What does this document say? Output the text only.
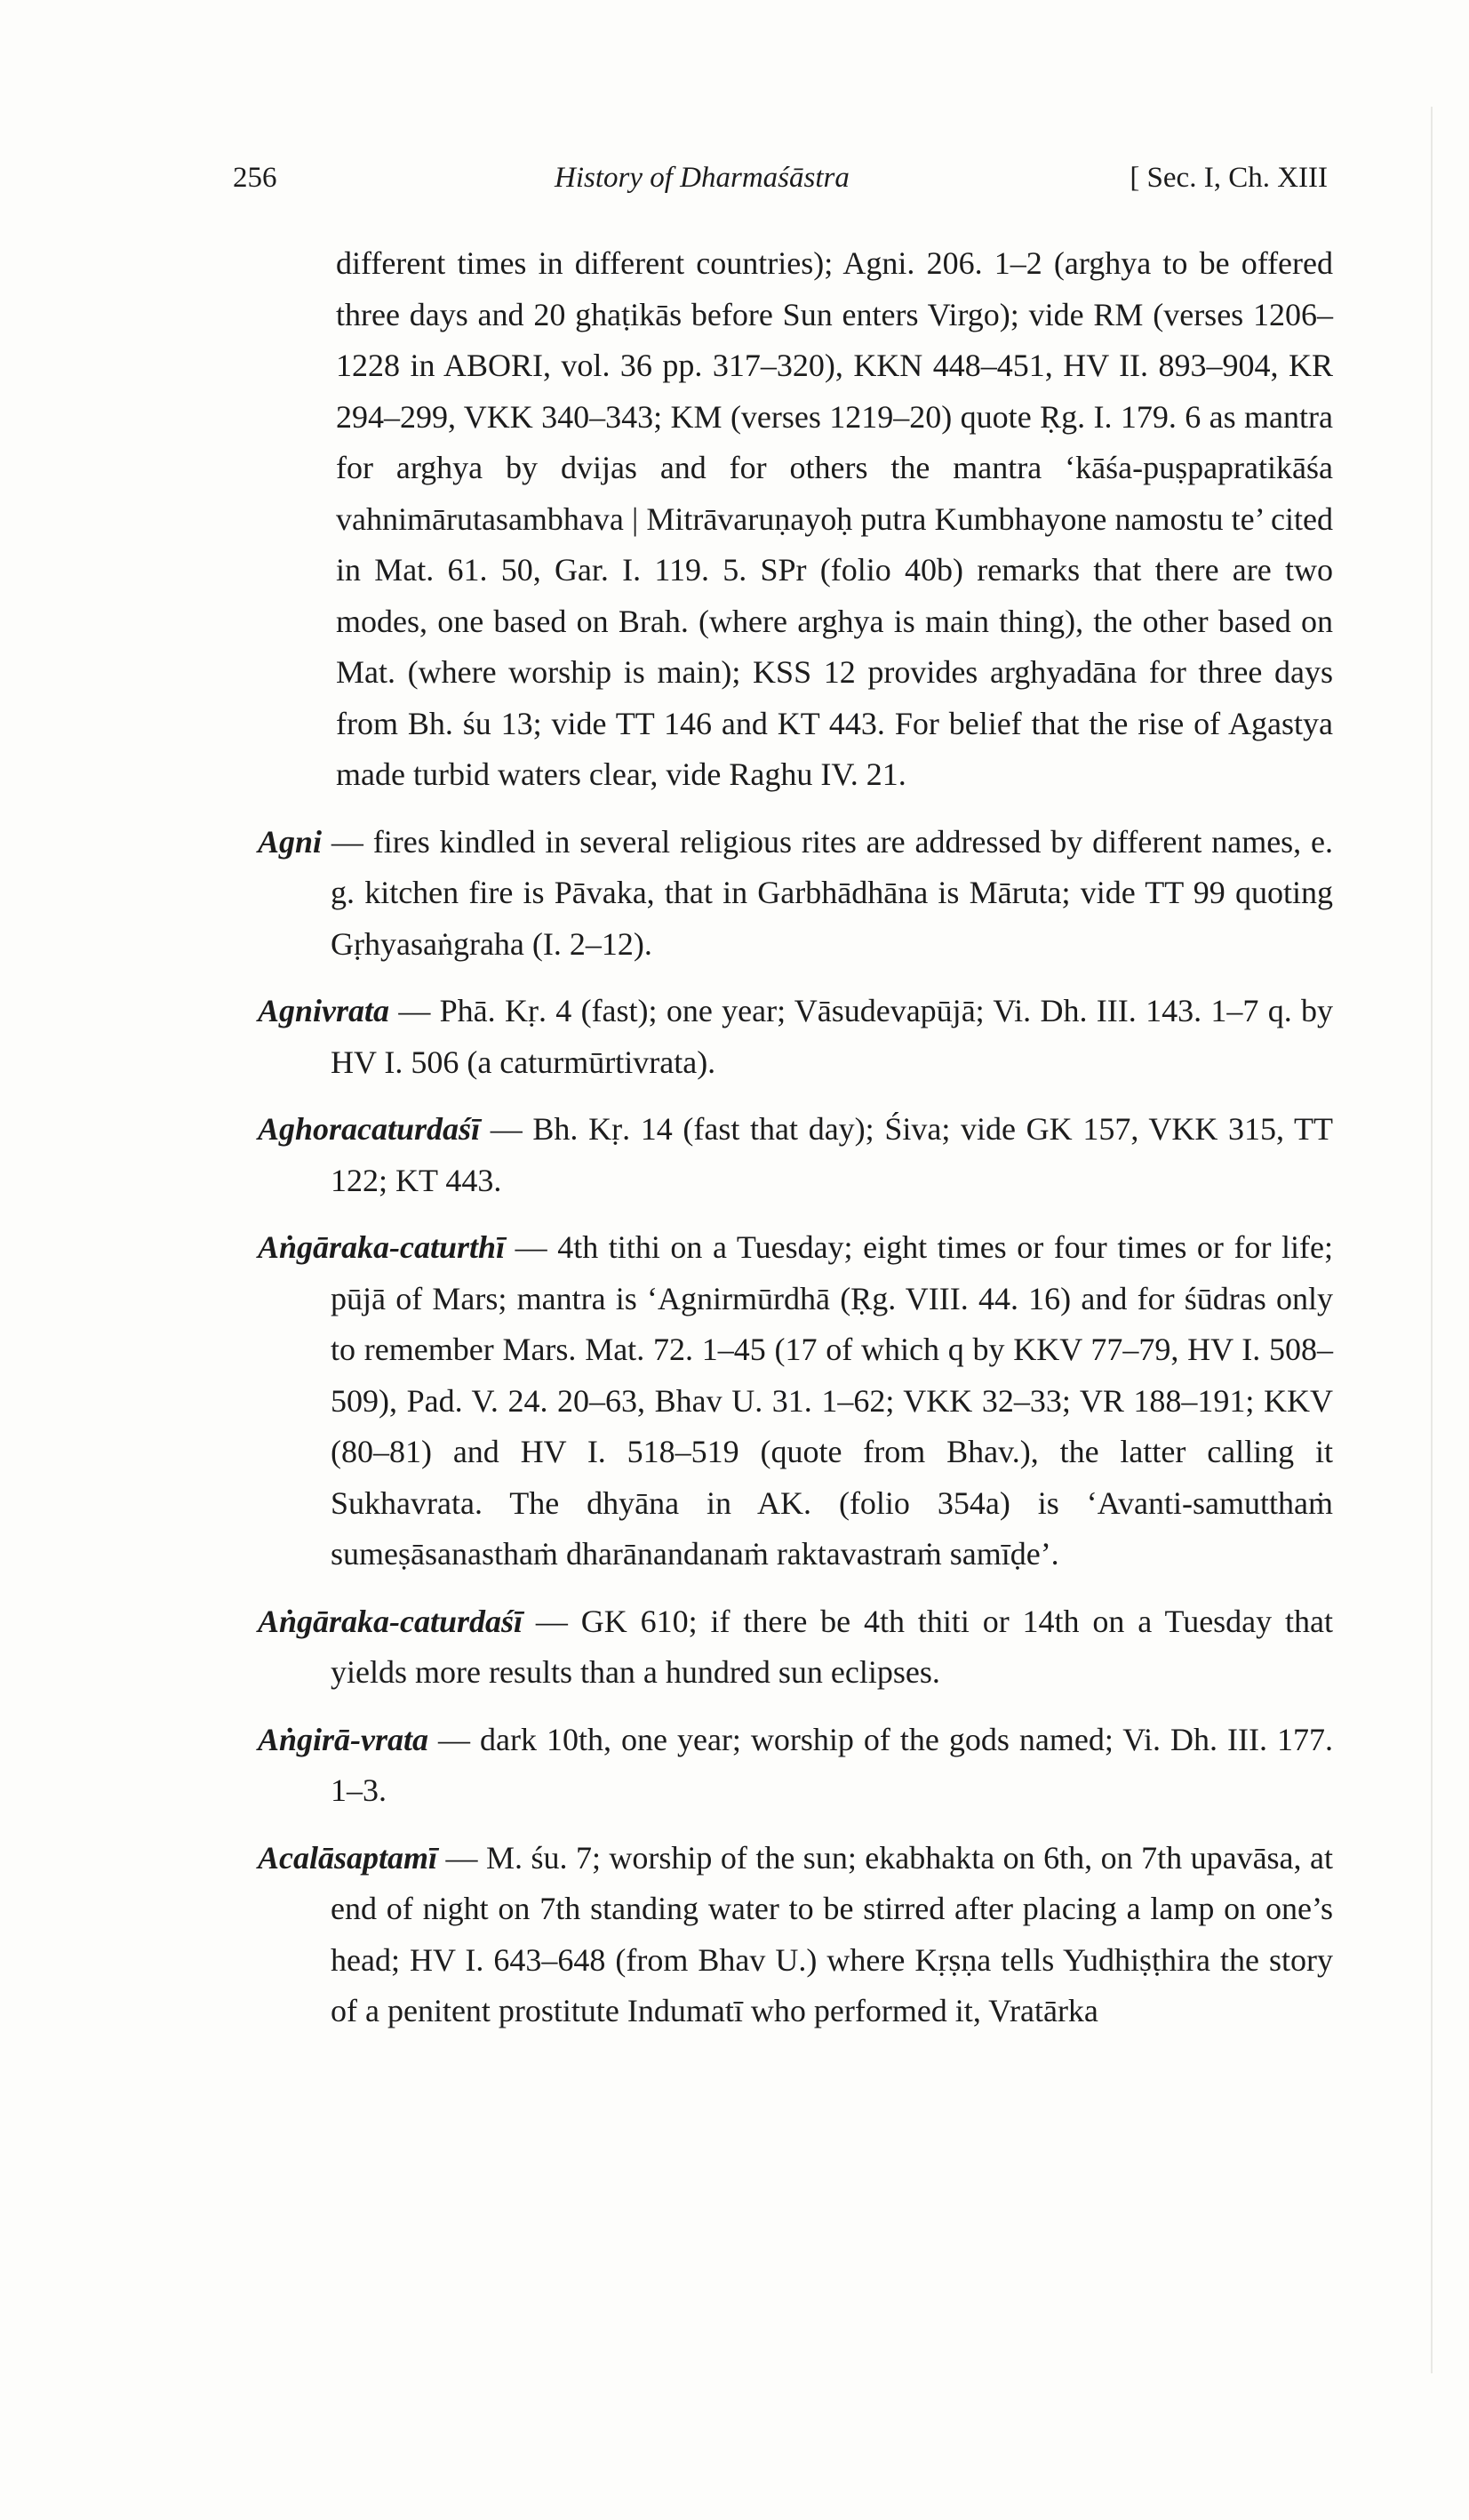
256	History of Dharmaśāstra	[ Sec. I, Ch. XIII

different times in different countries); Agni. 206. 1–2 (arghya to be offered three days and 20 ghaṭikās before Sun enters Virgo); vide RM (verses 1206–1228 in ABORI, vol. 36 pp. 317–320), KKN 448–451, HV II. 893–904, KR 294–299, VKK 340–343; KM (verses 1219–20) quote Ṛg. I. 179. 6 as mantra for arghya by dvijas and for others the mantra ‘kāśa-puṣpapratikāśa vahnimārutasambhava | Mitrāvaruṇayoḥ putra Kumbhayone namostu te’ cited in Mat. 61. 50, Gar. I. 119. 5. SPr (folio 40b) remarks that there are two modes, one based on Brah. (where arghya is main thing), the other based on Mat. (where worship is main); KSS 12 provides arghyadāna for three days from Bh. śu 13; vide TT 146 and KT 443. For belief that the rise of Agastya made turbid waters clear, vide Raghu IV. 21.

Agni — fires kindled in several religious rites are addressed by different names, e. g. kitchen fire is Pāvaka, that in Garbhādhāna is Māruta; vide TT 99 quoting Gṛhyasaṅgraha (I. 2–12).

Agnivrata — Phā. Kṛ. 4 (fast); one year; Vāsudevapūjā; Vi. Dh. III. 143. 1–7 q. by HV I. 506 (a caturmūrtivrata).

Aghoracaturdaśī — Bh. Kṛ. 14 (fast that day); Śiva; vide GK 157, VKK 315, TT 122; KT 443.

Aṅgāraka-caturthī — 4th tithi on a Tuesday; eight times or four times or for life; pūjā of Mars; mantra is ‘Agnirmūrdhā (Ṛg. VIII. 44. 16) and for śūdras only to remember Mars. Mat. 72. 1–45 (17 of which q by KKV 77–79, HV I. 508–509), Pad. V. 24. 20–63, Bhav U. 31. 1–62; VKK 32–33; VR 188–191; KKV (80–81) and HV I. 518–519 (quote from Bhav.), the latter calling it Sukhavrata. The dhyāna in AK. (folio 354a) is ‘Avanti-samutthaṁ sumeṣāsanasthaṁ dharānandanaṁ raktavastraṁ samīḍe’.

Aṅgāraka-caturdaśī — GK 610; if there be 4th thiti or 14th on a Tuesday that yields more results than a hundred sun eclipses.

Aṅgirā-vrata — dark 10th, one year; worship of the gods named; Vi. Dh. III. 177. 1–3.

Acalāsaptamī — M. śu. 7; worship of the sun; ekabhakta on 6th, on 7th upavāsa, at end of night on 7th standing water to be stirred after placing a lamp on one’s head; HV I. 643–648 (from Bhav U.) where Kṛṣṇa tells Yudhiṣṭhira the story of a penitent prostitute Indumatī who performed it, Vratārka
